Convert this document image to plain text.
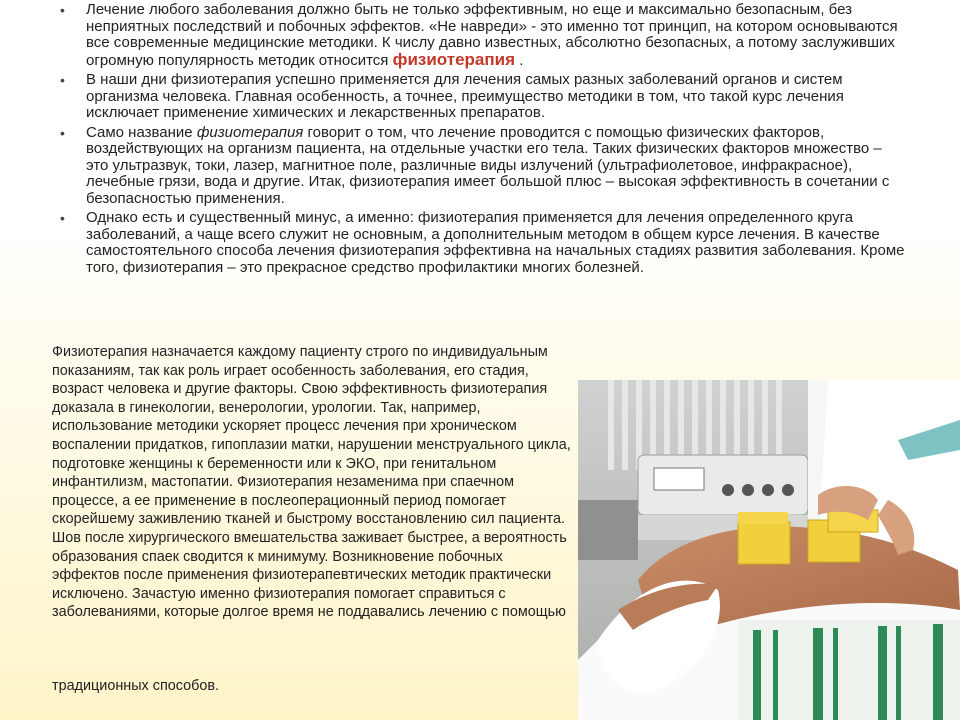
• Лечение любого заболевания должно быть не только эффективным, но еще и максимально безопасным, без неприятных последствий и побочных эффектов. «Не навреди» - это именно тот принцип, на котором основываются все современные медицинские методики. К числу давно известных, абсолютно безопасных, а потому заслуживших огромную популярность методик относится физиотерапия .
• В наши дни физиотерапия успешно применяется для лечения самых разных заболеваний органов и систем организма человека. Главная особенность, а точнее, преимущество методики в том, что такой курс лечения исключает применение химических и лекарственных препаратов.
• Само название физиотерапия говорит о том, что лечение проводится с помощью физических факторов, воздействующих на организм пациента, на отдельные участки его тела. Таких физических факторов множество – это ультразвук, токи, лазер, магнитное поле, различные виды излучений (ультрафиолетовое, инфракрасное), лечебные грязи, вода и другие. Итак, физиотерапия имеет большой плюс – высокая эффективность в сочетании с безопасностью применения.
• Однако есть и существенный минус, а именно: физиотерапия применяется для лечения определенного круга заболеваний, а чаще всего служит не основным, а дополнительным методом в общем курсе лечения. В качестве самостоятельного способа лечения физиотерапия эффективна на начальных стадиях развития заболевания. Кроме того, физиотерапия – это прекрасное средство профилактики многих болезней.
Физиотерапия назначается каждому пациенту строго по индивидуальным показаниям, так как роль играет особенность заболевания, его стадия, возраст человека и другие факторы. Свою эффективность физиотерапия доказала в гинекологии, венерологии, урологии. Так, например, использование методики ускоряет процесс лечения при хроническом воспалении придатков, гипоплазии матки, нарушении менструального цикла, подготовке женщины к беременности или к ЭКО, при генитальном инфантилизм, мастопатии. Физиотерапия незаменима при спаечном процессе, а ее применение в послеоперационный период помогает скорейшему заживлению тканей и быстрому восстановлению сил пациента. Шов после хирургического вмешательства заживает быстрее, а вероятность образования спаек сводится к минимуму. Возникновение побочных эффектов после применения физиотерапевтических методик практически исключено. Зачастую именно физиотерапия помогает справиться с заболеваниями, которые долгое время не поддавались лечению с помощью
традиционных способов.
